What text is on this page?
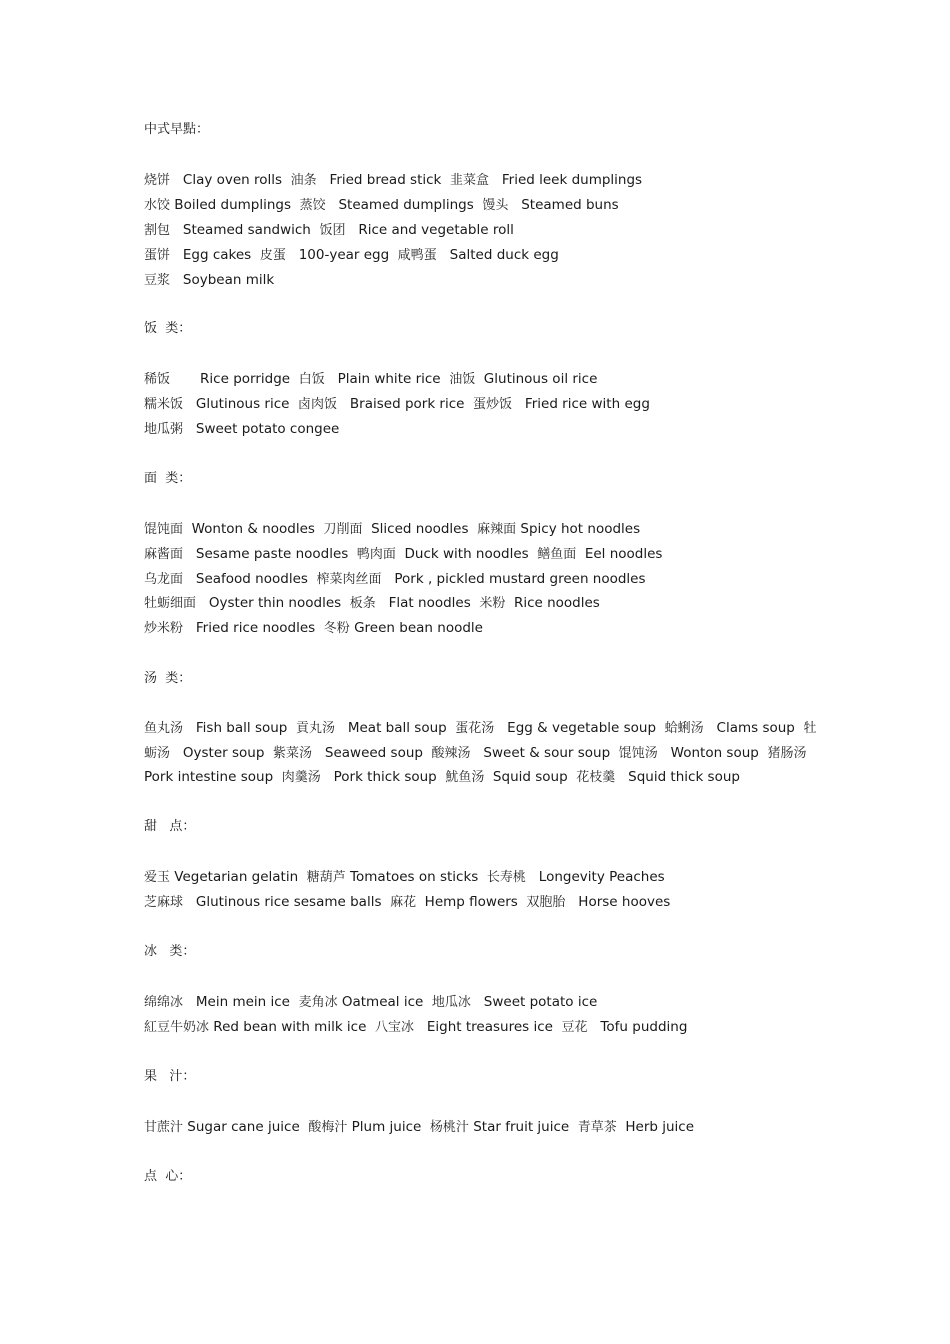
中式早點：
烧饼   Clay oven rolls  油条   Fried bread stick  韭菜盒   Fried leek dumplings
水饺 Boiled dumplings  蒸饺   Steamed dumplings  馒头   Steamed buns
割包   Steamed sandwich  饭团   Rice and vegetable roll
蛋饼   Egg cakes  皮蛋   100-year egg  咸鸭蛋   Salted duck egg
豆浆   Soybean milk
饭  类：
稀饭       Rice porridge  白饭   Plain white rice  油饭  Glutinous oil rice
糯米饭   Glutinous rice  卤肉饭   Braised pork rice  蛋炒饭   Fried rice with egg
地瓜粥   Sweet potato congee
面  类：
馄饨面  Wonton & noodles  刀削面  Sliced noodles  麻辣面 Spicy hot noodles
麻酱面   Sesame paste noodles  鸭肉面  Duck with noodles  鳝鱼面  Eel noodles
乌龙面   Seafood noodles  榨菜肉丝面   Pork , pickled mustard green noodles
牡蛎细面   Oyster thin noodles  板条   Flat noodles  米粉  Rice noodles
炒米粉   Fried rice noodles  冬粉 Green bean noodle
汤  类：
鱼丸汤   Fish ball soup  貢丸汤   Meat ball soup  蛋花汤   Egg & vegetable soup  蛤蜊汤   Clams soup  牡
蛎汤   Oyster soup  紫菜汤   Seaweed soup  酸辣汤   Sweet & sour soup  馄饨汤   Wonton soup  猪肠汤
Pork intestine soup  肉羹汤   Pork thick soup  魷鱼汤  Squid soup  花枝羹   Squid thick soup
甜   点：
爱玉 Vegetarian gelatin  糖葫芦 Tomatoes on sticks  长寿桃   Longevity Peaches
芝麻球   Glutinous rice sesame balls  麻花  Hemp flowers  双胞胎   Horse hooves
冰   类：
绵绵冰   Mein mein ice  麦角冰 Oatmeal ice  地瓜冰   Sweet potato ice
紅豆牛奶冰 Red bean with milk ice  八宝冰   Eight treasures ice  豆花   Tofu pudding
果   汁：
甘蔗汁 Sugar cane juice  酸梅汁 Plum juice  杨桃汁 Star fruit juice  青草茶  Herb juice
点  心：
